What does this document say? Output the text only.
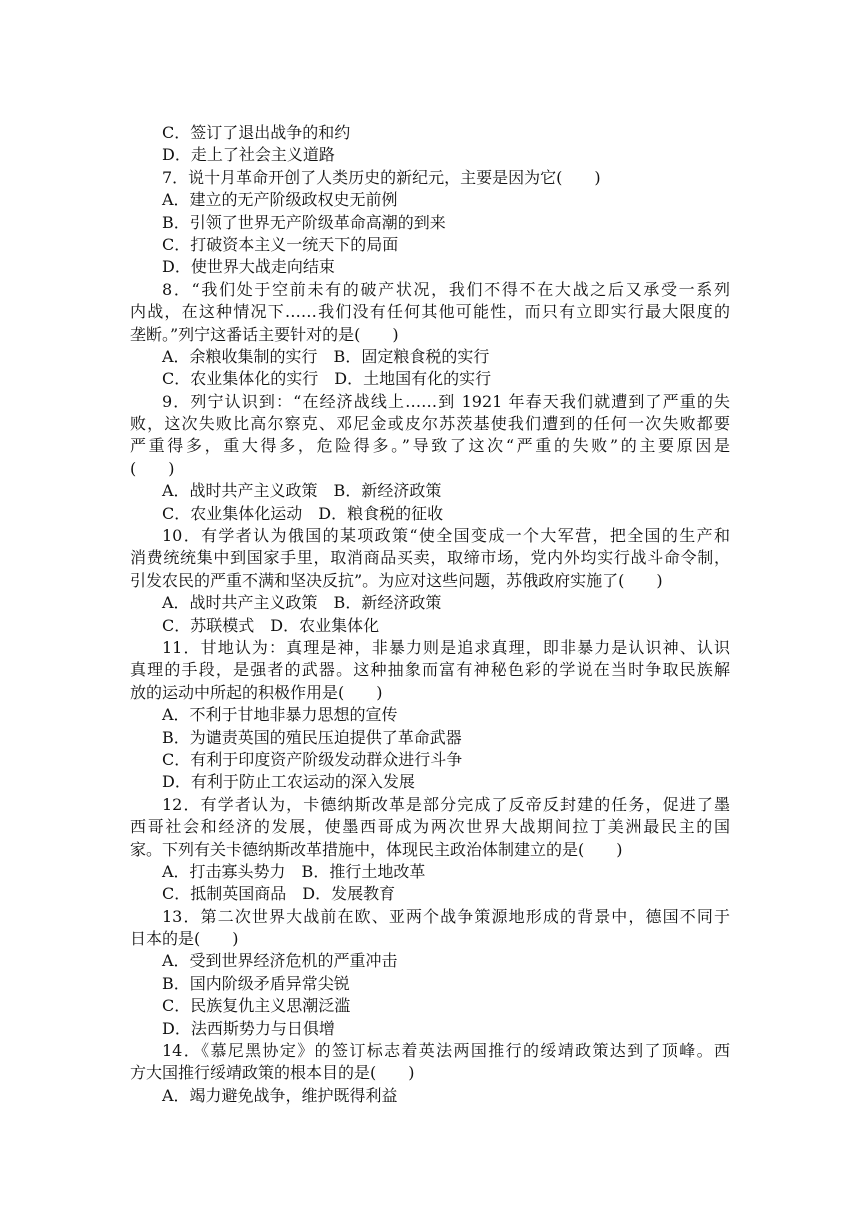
C．签订了退出战争的和约
D．走上了社会主义道路
7．说十月革命开创了人类历史的新纪元，主要是因为它(　　)
A．建立的无产阶级政权史无前例
B．引领了世界无产阶级革命高潮的到来
C．打破资本主义一统天下的局面
D．使世界大战走向结束
8．“我们处于空前未有的破产状况，我们不得不在大战之后又承受一系列
内战，在这种情况下……我们没有任何其他可能性，而只有立即实行最大限度的
垄断。”列宁这番话主要针对的是(　　)
A．余粮收集制的实行　B．固定粮食税的实行
C．农业集体化的实行　D．土地国有化的实行
9．列宁认识到：“在经济战线上……到 1921 年春天我们就遭到了严重的失
败，这次失败比高尔察克、邓尼金或皮尔苏茨基使我们遭到的任何一次失败都要
严重得多，重大得多，危险得多。”导致了这次“严重的失败”的主要原因是
(　　)
A．战时共产主义政策　B．新经济政策
C．农业集体化运动　D．粮食税的征收
10．有学者认为俄国的某项政策“使全国变成一个大军营，把全国的生产和
消费统统集中到国家手里，取消商品买卖，取缔市场，党内外均实行战斗命令制，
引发农民的严重不满和坚决反抗”。为应对这些问题，苏俄政府实施了(　　)
A．战时共产主义政策　B．新经济政策
C．苏联模式　D．农业集体化
11．甘地认为：真理是神，非暴力则是追求真理，即非暴力是认识神、认识
真理的手段，是强者的武器。这种抽象而富有神秘色彩的学说在当时争取民族解
放的运动中所起的积极作用是(　　)
A．不利于甘地非暴力思想的宣传
B．为谴责英国的殖民压迫提供了革命武器
C．有利于印度资产阶级发动群众进行斗争
D．有利于防止工农运动的深入发展
12．有学者认为，卡德纳斯改革是部分完成了反帝反封建的任务，促进了墨
西哥社会和经济的发展，使墨西哥成为两次世界大战期间拉丁美洲最民主的国
家。下列有关卡德纳斯改革措施中，体现民主政治体制建立的是(　　)
A．打击寡头势力　B．推行土地改革
C．抵制英国商品　D．发展教育
13．第二次世界大战前在欧、亚两个战争策源地形成的背景中，德国不同于
日本的是(　　)
A．受到世界经济危机的严重冲击
B．国内阶级矛盾异常尖锐
C．民族复仇主义思潮泛滥
D．法西斯势力与日俱增
14．《慕尼黑协定》的签订标志着英法两国推行的绥靖政策达到了顶峰。西
方大国推行绥靖政策的根本目的是(　　)
A．竭力避免战争，维护既得利益
